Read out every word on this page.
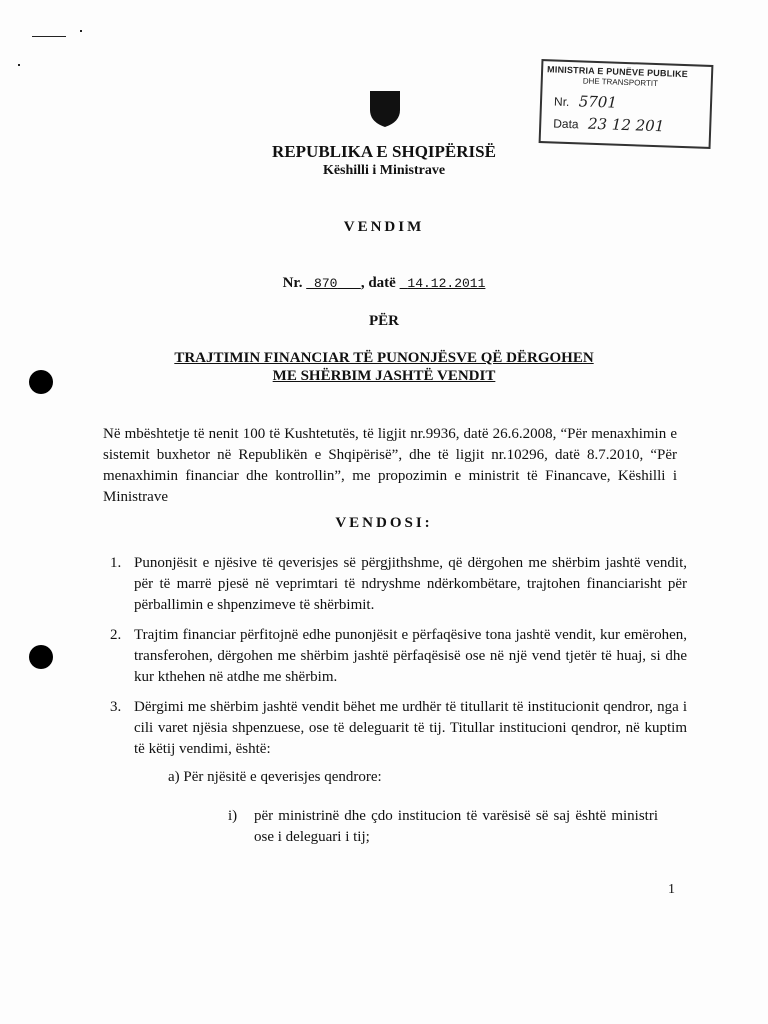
MINISTRIA E PUNËVE PUBLIKE
DHE TRANSPORTIT
Nr. 5701
Data 23 12 201
REPUBLIKA E SHQIPËRISË
Këshilli i Ministrave
VENDIM
Nr. 870 , datë 14.12.2011
PËR
TRAJTIMIN FINANCIAR TË PUNONJËSVE QË DËRGOHEN
ME SHËRBIM JASHTË VENDIT
Në mbështetje të nenit 100 të Kushtetutës, të ligjit nr.9936, datë 26.6.2008, “Për menaxhimin e sistemit buxhetor në Republikën e Shqipërisë”, dhe të ligjit nr.10296, datë 8.7.2010, “Për menaxhimin financiar dhe kontrollin”, me propozimin e ministrit të Financave, Këshilli i Ministrave
VENDOSI:
1. Punonjësit e njësive të qeverisjes së përgjithshme, që dërgohen me shërbim jashtë vendit, për të marrë pjesë në veprimtari të ndryshme ndërkombëtare, trajtohen financiarisht për përballimin e shpenzimeve të shërbimit.
2. Trajtim financiar përfitojnë edhe punonjësit e përfaqësive tona jashtë vendit, kur emërohen, transferohen, dërgohen me shërbim jashtë përfaqësisë ose në një vend tjetër të huaj, si dhe kur kthehen në atdhe me shërbim.
3. Dërgimi me shërbim jashtë vendit bëhet me urdhër të titullarit të institucionit qendror, nga i cili varet njësia shpenzuese, ose të deleguarit të tij. Titullar institucioni qendror, në kuptim të këtij vendimi, është:
a) Për njësitë e qeverisjes qendrore:
i) për ministrinë dhe çdo institucion të varësisë së saj është ministri ose i deleguari i tij;
1
